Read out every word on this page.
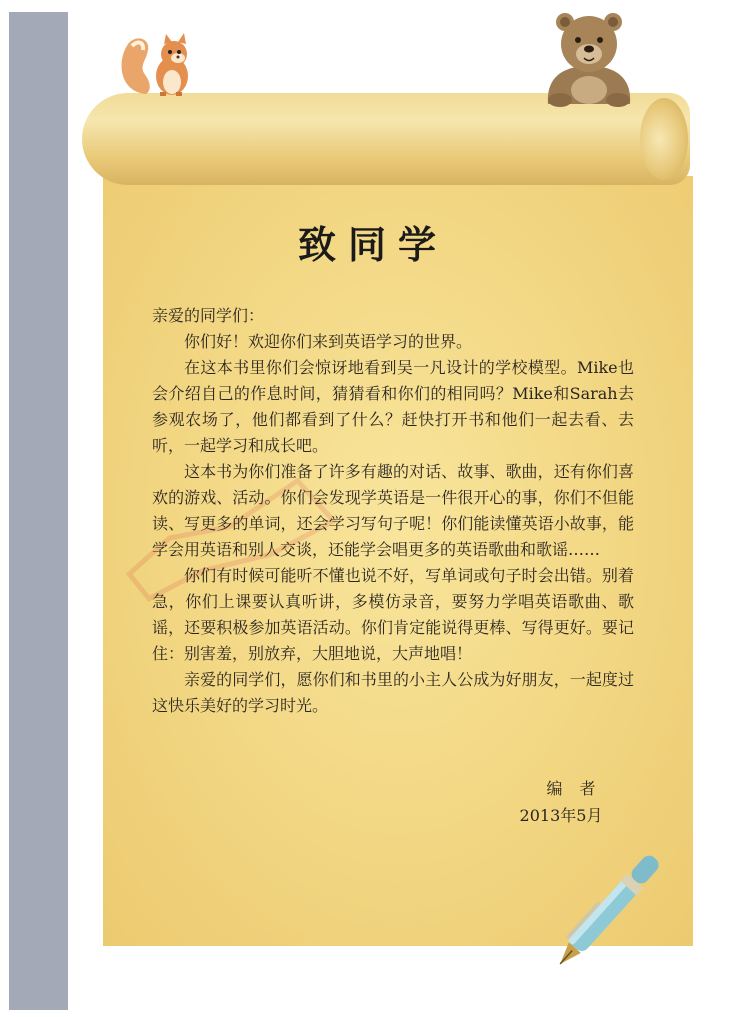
致同学

亲爱的同学们：

你们好！欢迎你们来到英语学习的世界。

在这本书里你们会惊讶地看到吴一凡设计的学校模型。Mike也会介绍自己的作息时间，猜猜看和你们的相同吗？Mike和Sarah去参观农场了，他们都看到了什么？赶快打开书和他们一起去看、去听，一起学习和成长吧。

这本书为你们准备了许多有趣的对话、故事、歌曲，还有你们喜欢的游戏、活动。你们会发现学英语是一件很开心的事，你们不但能读、写更多的单词，还会学习写句子呢！你们能读懂英语小故事，能学会用英语和别人交谈，还能学会唱更多的英语歌曲和歌谣……

你们有时候可能听不懂也说不好，写单词或句子时会出错。别着急，你们上课要认真听讲，多模仿录音，要努力学唱英语歌曲、歌谣，还要积极参加英语活动。你们肯定能说得更棒、写得更好。要记住：别害羞，别放弃，大胆地说，大声地唱！

亲爱的同学们，愿你们和书里的小主人公成为好朋友，一起度过这快乐美好的学习时光。

编 者
2013年5月
